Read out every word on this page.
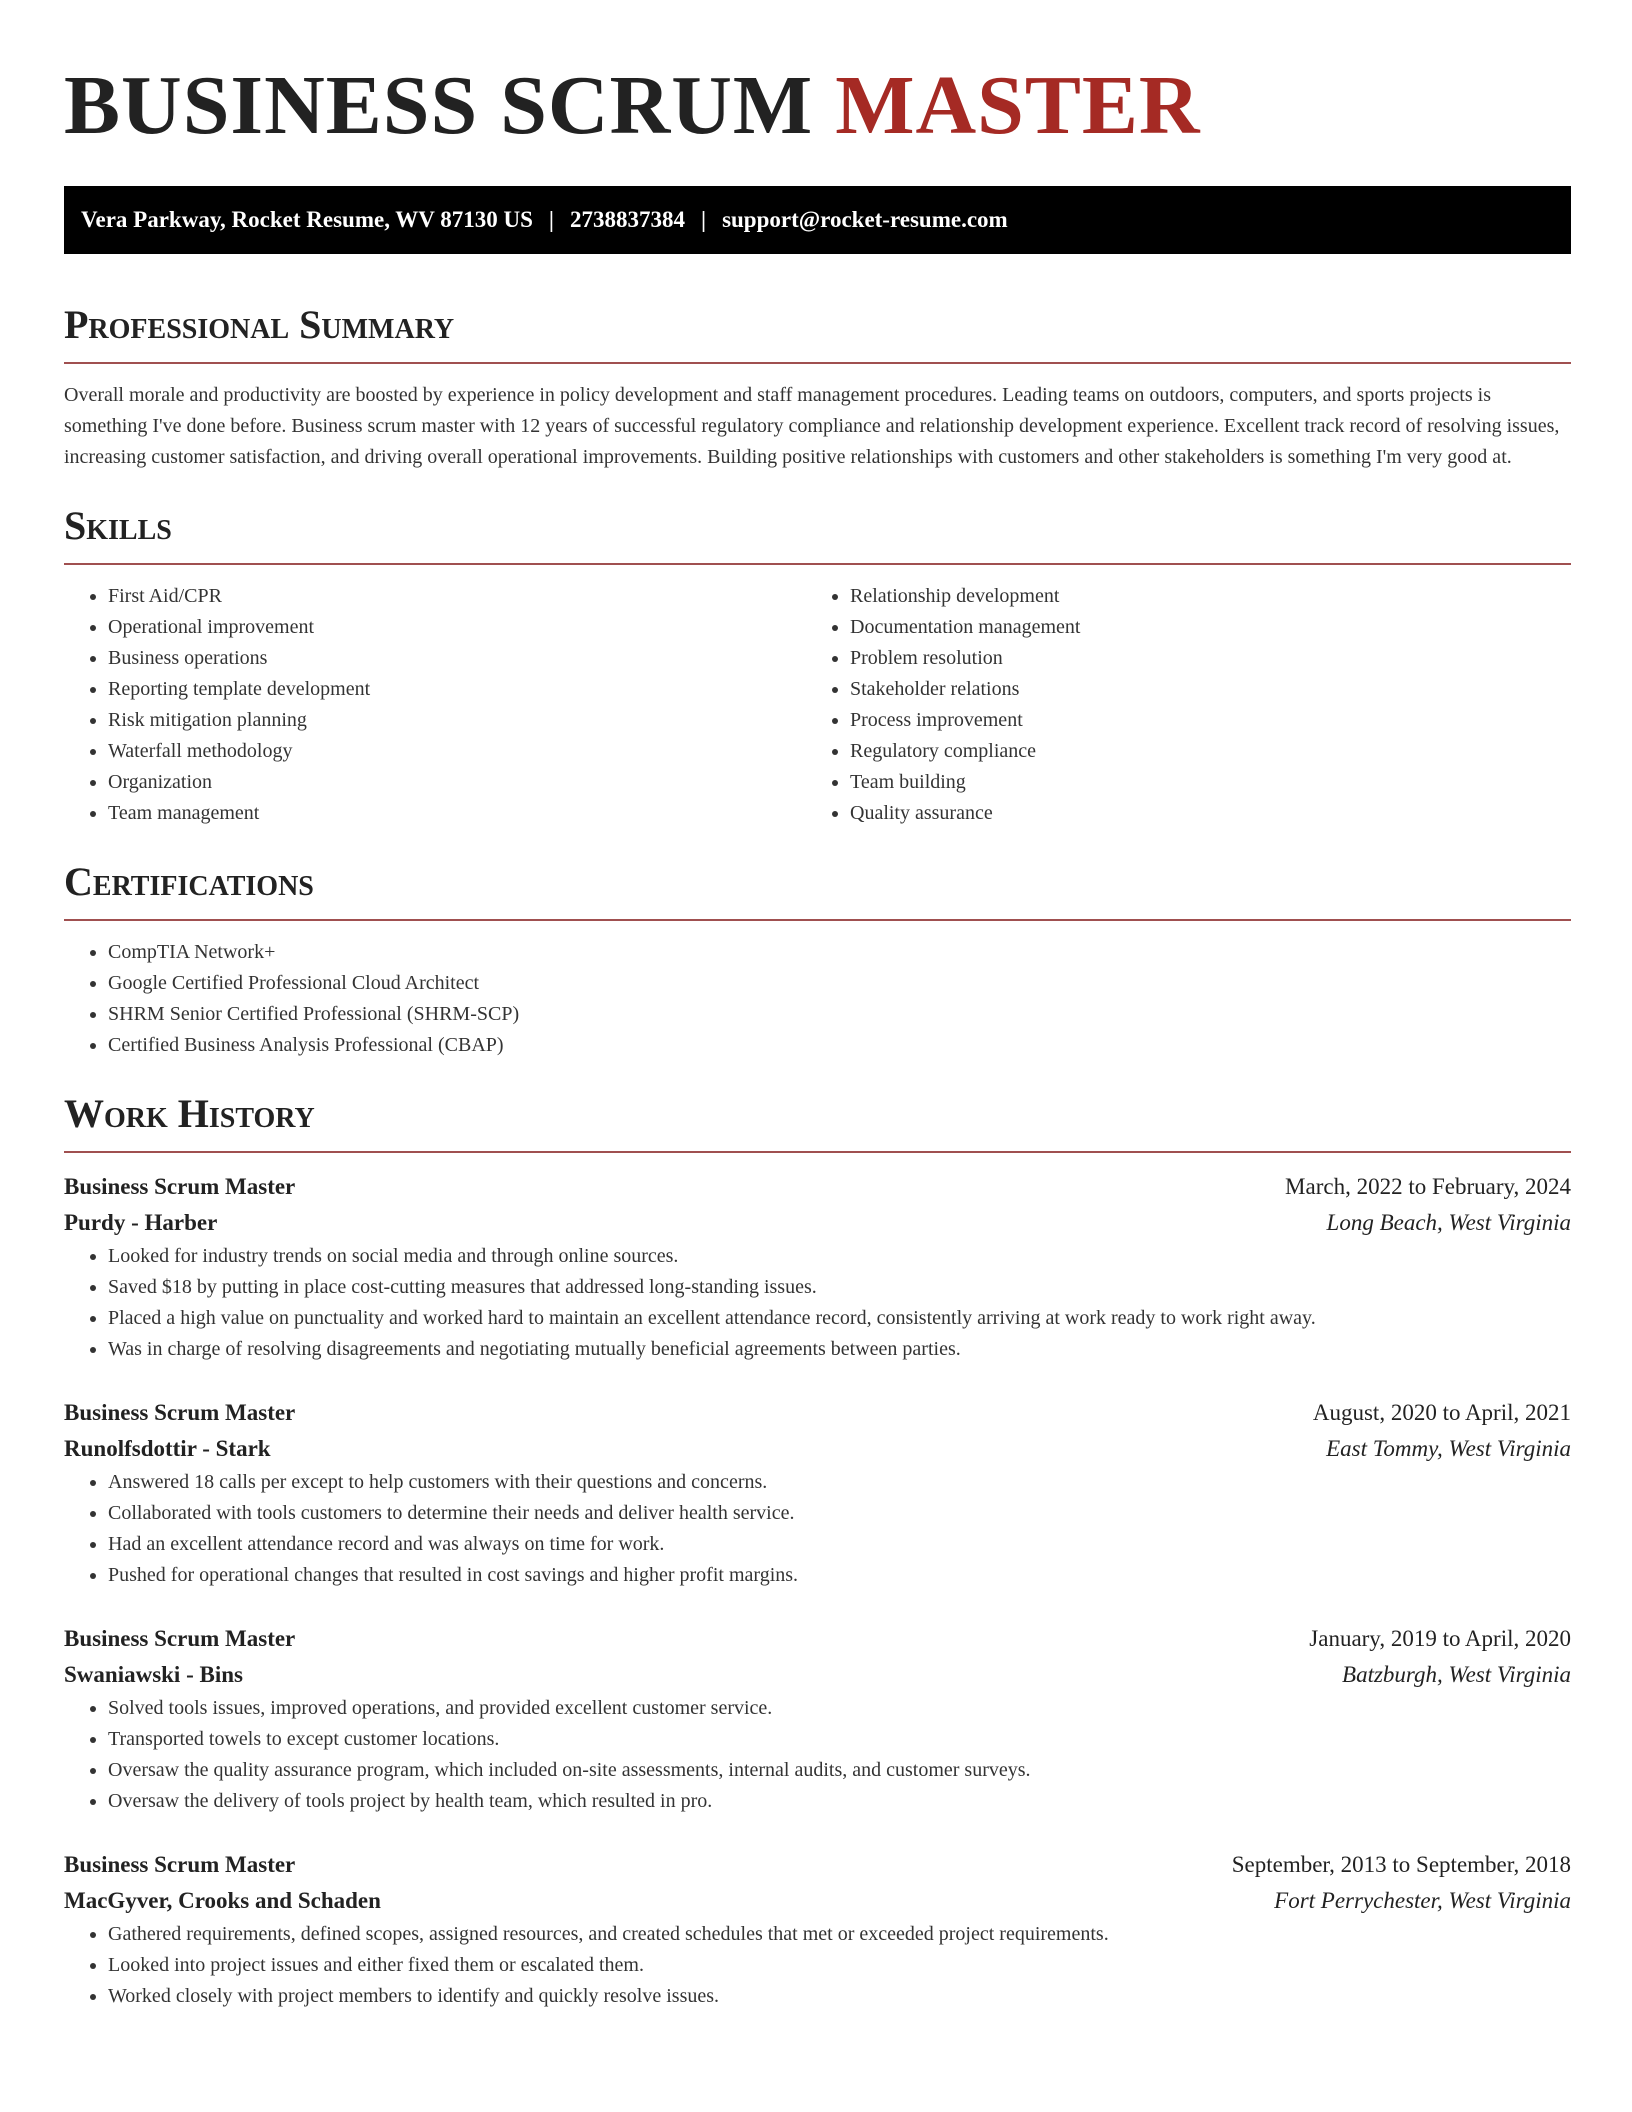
BUSINESS SCRUM MASTER
Vera Parkway, Rocket Resume, WV 87130 US | 2738837384 | support@rocket-resume.com
Professional Summary

Overall morale and productivity are boosted by experience in policy development and staff management procedures. Leading teams on outdoors, computers, and sports projects is something I've done before. Business scrum master with 12 years of successful regulatory compliance and relationship development experience. Excellent track record of resolving issues, increasing customer satisfaction, and driving overall operational improvements. Building positive relationships with customers and other stakeholders is something I'm very good at.

Skills
• First Aid/CPR
• Operational improvement
• Business operations
• Reporting template development
• Risk mitigation planning
• Waterfall methodology
• Organization
• Team management
• Relationship development
• Documentation management
• Problem resolution
• Stakeholder relations
• Process improvement
• Regulatory compliance
• Team building
• Quality assurance
Certifications
• CompTIA Network+
• Google Certified Professional Cloud Architect
• SHRM Senior Certified Professional (SHRM-SCP)
• Certified Business Analysis Professional (CBAP)
Work History
Business Scrum Master	March, 2022 to February, 2024
Purdy - Harber	Long Beach, West Virginia
• Looked for industry trends on social media and through online sources.
• Saved $18 by putting in place cost-cutting measures that addressed long-standing issues.
• Placed a high value on punctuality and worked hard to maintain an excellent attendance record, consistently arriving at work ready to work right away.
• Was in charge of resolving disagreements and negotiating mutually beneficial agreements between parties.
Business Scrum Master	August, 2020 to April, 2021
Runolfsdottir - Stark	East Tommy, West Virginia
• Answered 18 calls per except to help customers with their questions and concerns.
• Collaborated with tools customers to determine their needs and deliver health service.
• Had an excellent attendance record and was always on time for work.
• Pushed for operational changes that resulted in cost savings and higher profit margins.
Business Scrum Master	January, 2019 to April, 2020
Swaniawski - Bins	Batzburgh, West Virginia
• Solved tools issues, improved operations, and provided excellent customer service.
• Transported towels to except customer locations.
• Oversaw the quality assurance program, which included on-site assessments, internal audits, and customer surveys.
• Oversaw the delivery of tools project by health team, which resulted in pro.
Business Scrum Master	September, 2013 to September, 2018
MacGyver, Crooks and Schaden	Fort Perrychester, West Virginia
• Gathered requirements, defined scopes, assigned resources, and created schedules that met or exceeded project requirements.
• Looked into project issues and either fixed them or escalated them.
• Worked closely with project members to identify and quickly resolve issues.
